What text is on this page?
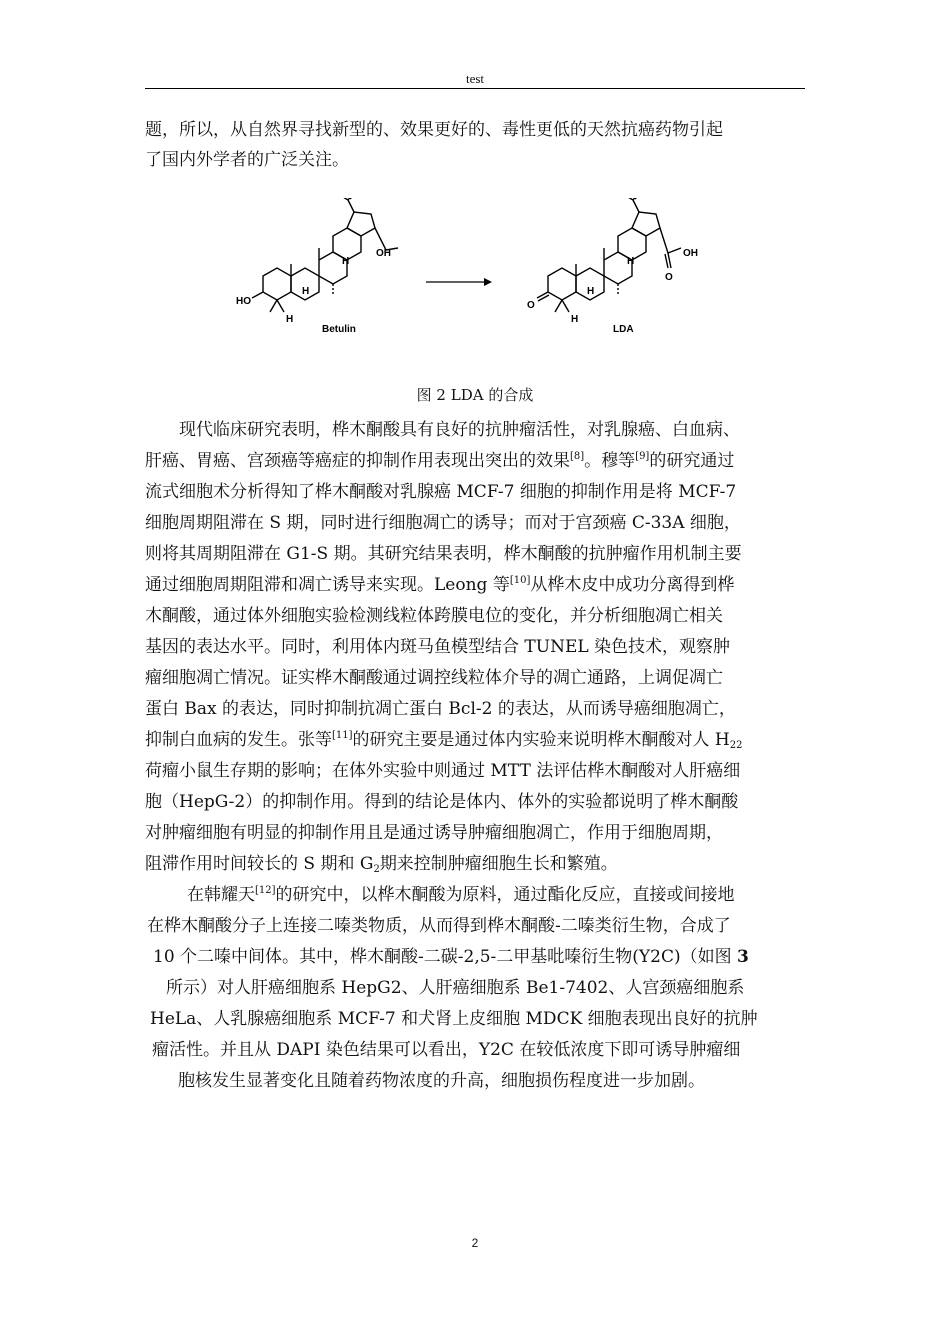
test
题，所以，从自然界寻找新型的、效果更好的、毒性更低的天然抗癌药物引起
了国内外学者的广泛关注。
OH
HO
H
H
H
Betulin
OH
O
O
H
H
H
LDA
图 2 LDA 的合成
现代临床研究表明，桦木酮酸具有良好的抗肿瘤活性，对乳腺癌、白血病、
肝癌、胃癌、宫颈癌等癌症的抑制作用表现出突出的效果[8]。穆等[9]的研究通过
流式细胞术分析得知了桦木酮酸对乳腺癌 MCF-7 细胞的抑制作用是将 MCF-7
细胞周期阻滞在 S 期，同时进行细胞凋亡的诱导；而对于宫颈癌 C-33A 细胞，
则将其周期阻滞在 G1-S 期。其研究结果表明，桦木酮酸的抗肿瘤作用机制主要
通过细胞周期阻滞和凋亡诱导来实现。Leong 等[10]从桦木皮中成功分离得到桦
木酮酸，通过体外细胞实验检测线粒体跨膜电位的变化，并分析细胞凋亡相关
基因的表达水平。同时，利用体内斑马鱼模型结合 TUNEL 染色技术，观察肿
瘤细胞凋亡情况。证实桦木酮酸通过调控线粒体介导的凋亡通路，上调促凋亡
蛋白 Bax 的表达，同时抑制抗凋亡蛋白 Bcl-2 的表达，从而诱导癌细胞凋亡，
抑制白血病的发生。张等[11]的研究主要是通过体内实验来说明桦木酮酸对人 $H_{22}$
荷瘤小鼠生存期的影响；在体外实验中则通过 MTT 法评估桦木酮酸对人肝癌细
胞（HepG-2）的抑制作用。得到的结论是体内、体外的实验都说明了桦木酮酸
对肿瘤细胞有明显的抑制作用且是通过诱导肿瘤细胞凋亡，作用于细胞周期，
阻滞作用时间较长的 S 期和 $G_2$期来控制肿瘤细胞生长和繁殖。
在韩耀天[12]的研究中，以桦木酮酸为原料，通过酯化反应，直接或间接地
在桦木酮酸分子上连接二嗪类物质，从而得到桦木酮酸-二嗪类衍生物，合成了
10 个二嗪中间体。其中，桦木酮酸-二碳-2,5-二甲基吡嗪衍生物(Y2C)（如图 3
所示）对人肝癌细胞系 HepG2、人肝癌细胞系 Be1-7402、人宫颈癌细胞系
HeLa、人乳腺癌细胞系 MCF-7 和犬肾上皮细胞 MDCK 细胞表现出良好的抗肿
瘤活性。并且从 DAPI 染色结果可以看出，Y2C 在较低浓度下即可诱导肿瘤细
胞核发生显著变化且随着药物浓度的升高，细胞损伤程度进一步加剧。
2
